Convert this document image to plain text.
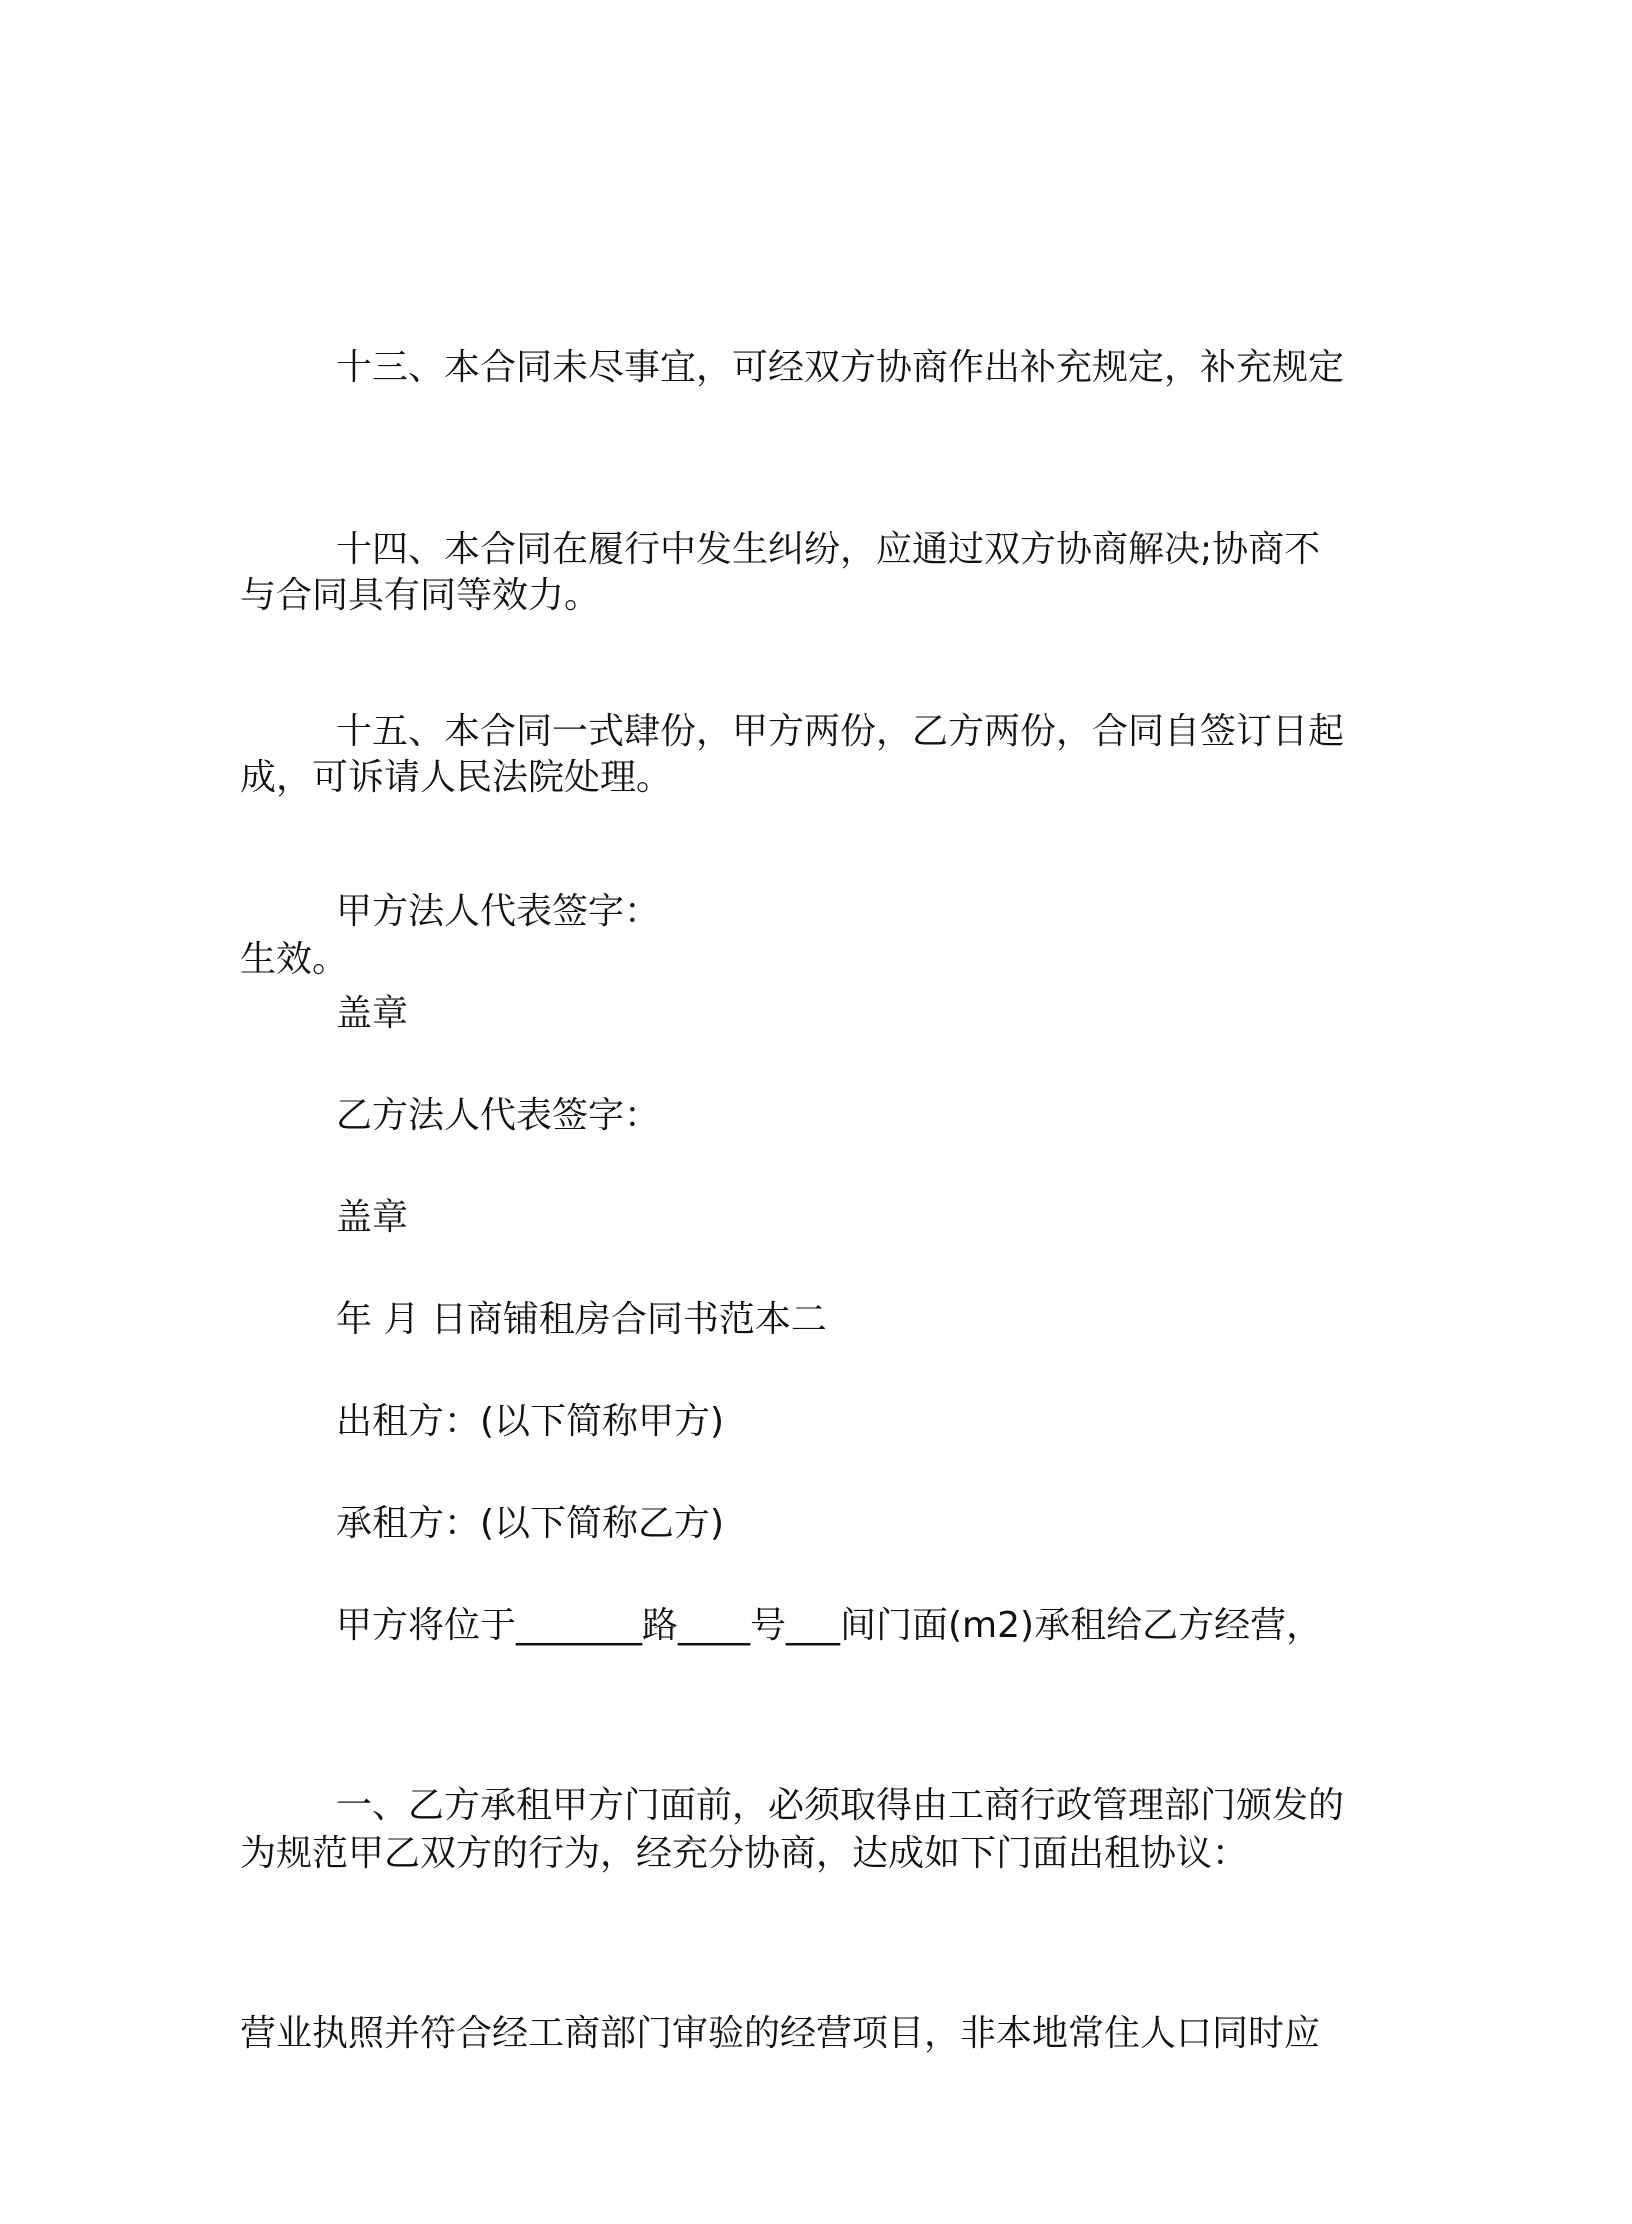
十三、本合同未尽事宜，可经双方协商作出补充规定，补充规定

与合同具有同等效力。

十四、本合同在履行中发生纠纷，应通过双方协商解决;协商不

成，可诉请人民法院处理。

十五、本合同一式肆份，甲方两份，乙方两份，合同自签订日起

生效。

甲方法人代表签字：

盖章

乙方法人代表签字：

盖章

年 月 日商铺租房合同书范本二

出租方：(以下简称甲方)

承租方：(以下简称乙方)

甲方将位于_______路____号___间门面(m2)承租给乙方经营，

为规范甲乙双方的行为，经充分协商，达成如下门面出租协议：

一、乙方承租甲方门面前，必须取得由工商行政管理部门颁发的

营业执照并符合经工商部门审验的经营项目，非本地常住人口同时应
